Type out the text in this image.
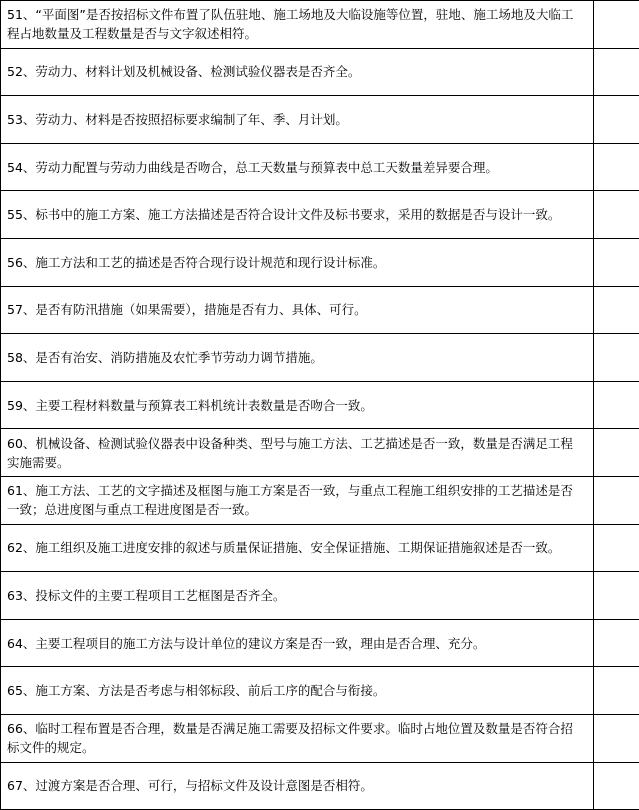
51、“平面图”是否按招标文件布置了队伍驻地、施工场地及大临设施等位置，驻地、施工场地及大临工程占地数量及工程数量是否与文字叙述相符。	
52、劳动力、材料计划及机械设备、检测试验仪器表是否齐全。	
53、劳动力、材料是否按照招标要求编制了年、季、月计划。	
54、劳动力配置与劳动力曲线是否吻合，总工天数量与预算表中总工天数量差异要合理。	
55、标书中的施工方案、施工方法描述是否符合设计文件及标书要求，采用的数据是否与设计一致。	
56、施工方法和工艺的描述是否符合现行设计规范和现行设计标准。	
57、是否有防汛措施（如果需要），措施是否有力、具体、可行。	
58、是否有治安、消防措施及农忙季节劳动力调节措施。	
59、主要工程材料数量与预算表工料机统计表数量是否吻合一致。	
60、机械设备、检测试验仪器表中设备种类、型号与施工方法、工艺描述是否一致，数量是否满足工程实施需要。	
61、施工方法、工艺的文字描述及框图与施工方案是否一致，与重点工程施工组织安排的工艺描述是否一致；总进度图与重点工程进度图是否一致。	
62、施工组织及施工进度安排的叙述与质量保证措施、安全保证措施、工期保证措施叙述是否一致。	
63、投标文件的主要工程项目工艺框图是否齐全。	
64、主要工程项目的施工方法与设计单位的建议方案是否一致，理由是否合理、充分。	
65、施工方案、方法是否考虑与相邻标段、前后工序的配合与衔接。	
66、临时工程布置是否合理，数量是否满足施工需要及招标文件要求。临时占地位置及数量是否符合招标文件的规定。	
67、过渡方案是否合理、可行，与招标文件及设计意图是否相符。	
